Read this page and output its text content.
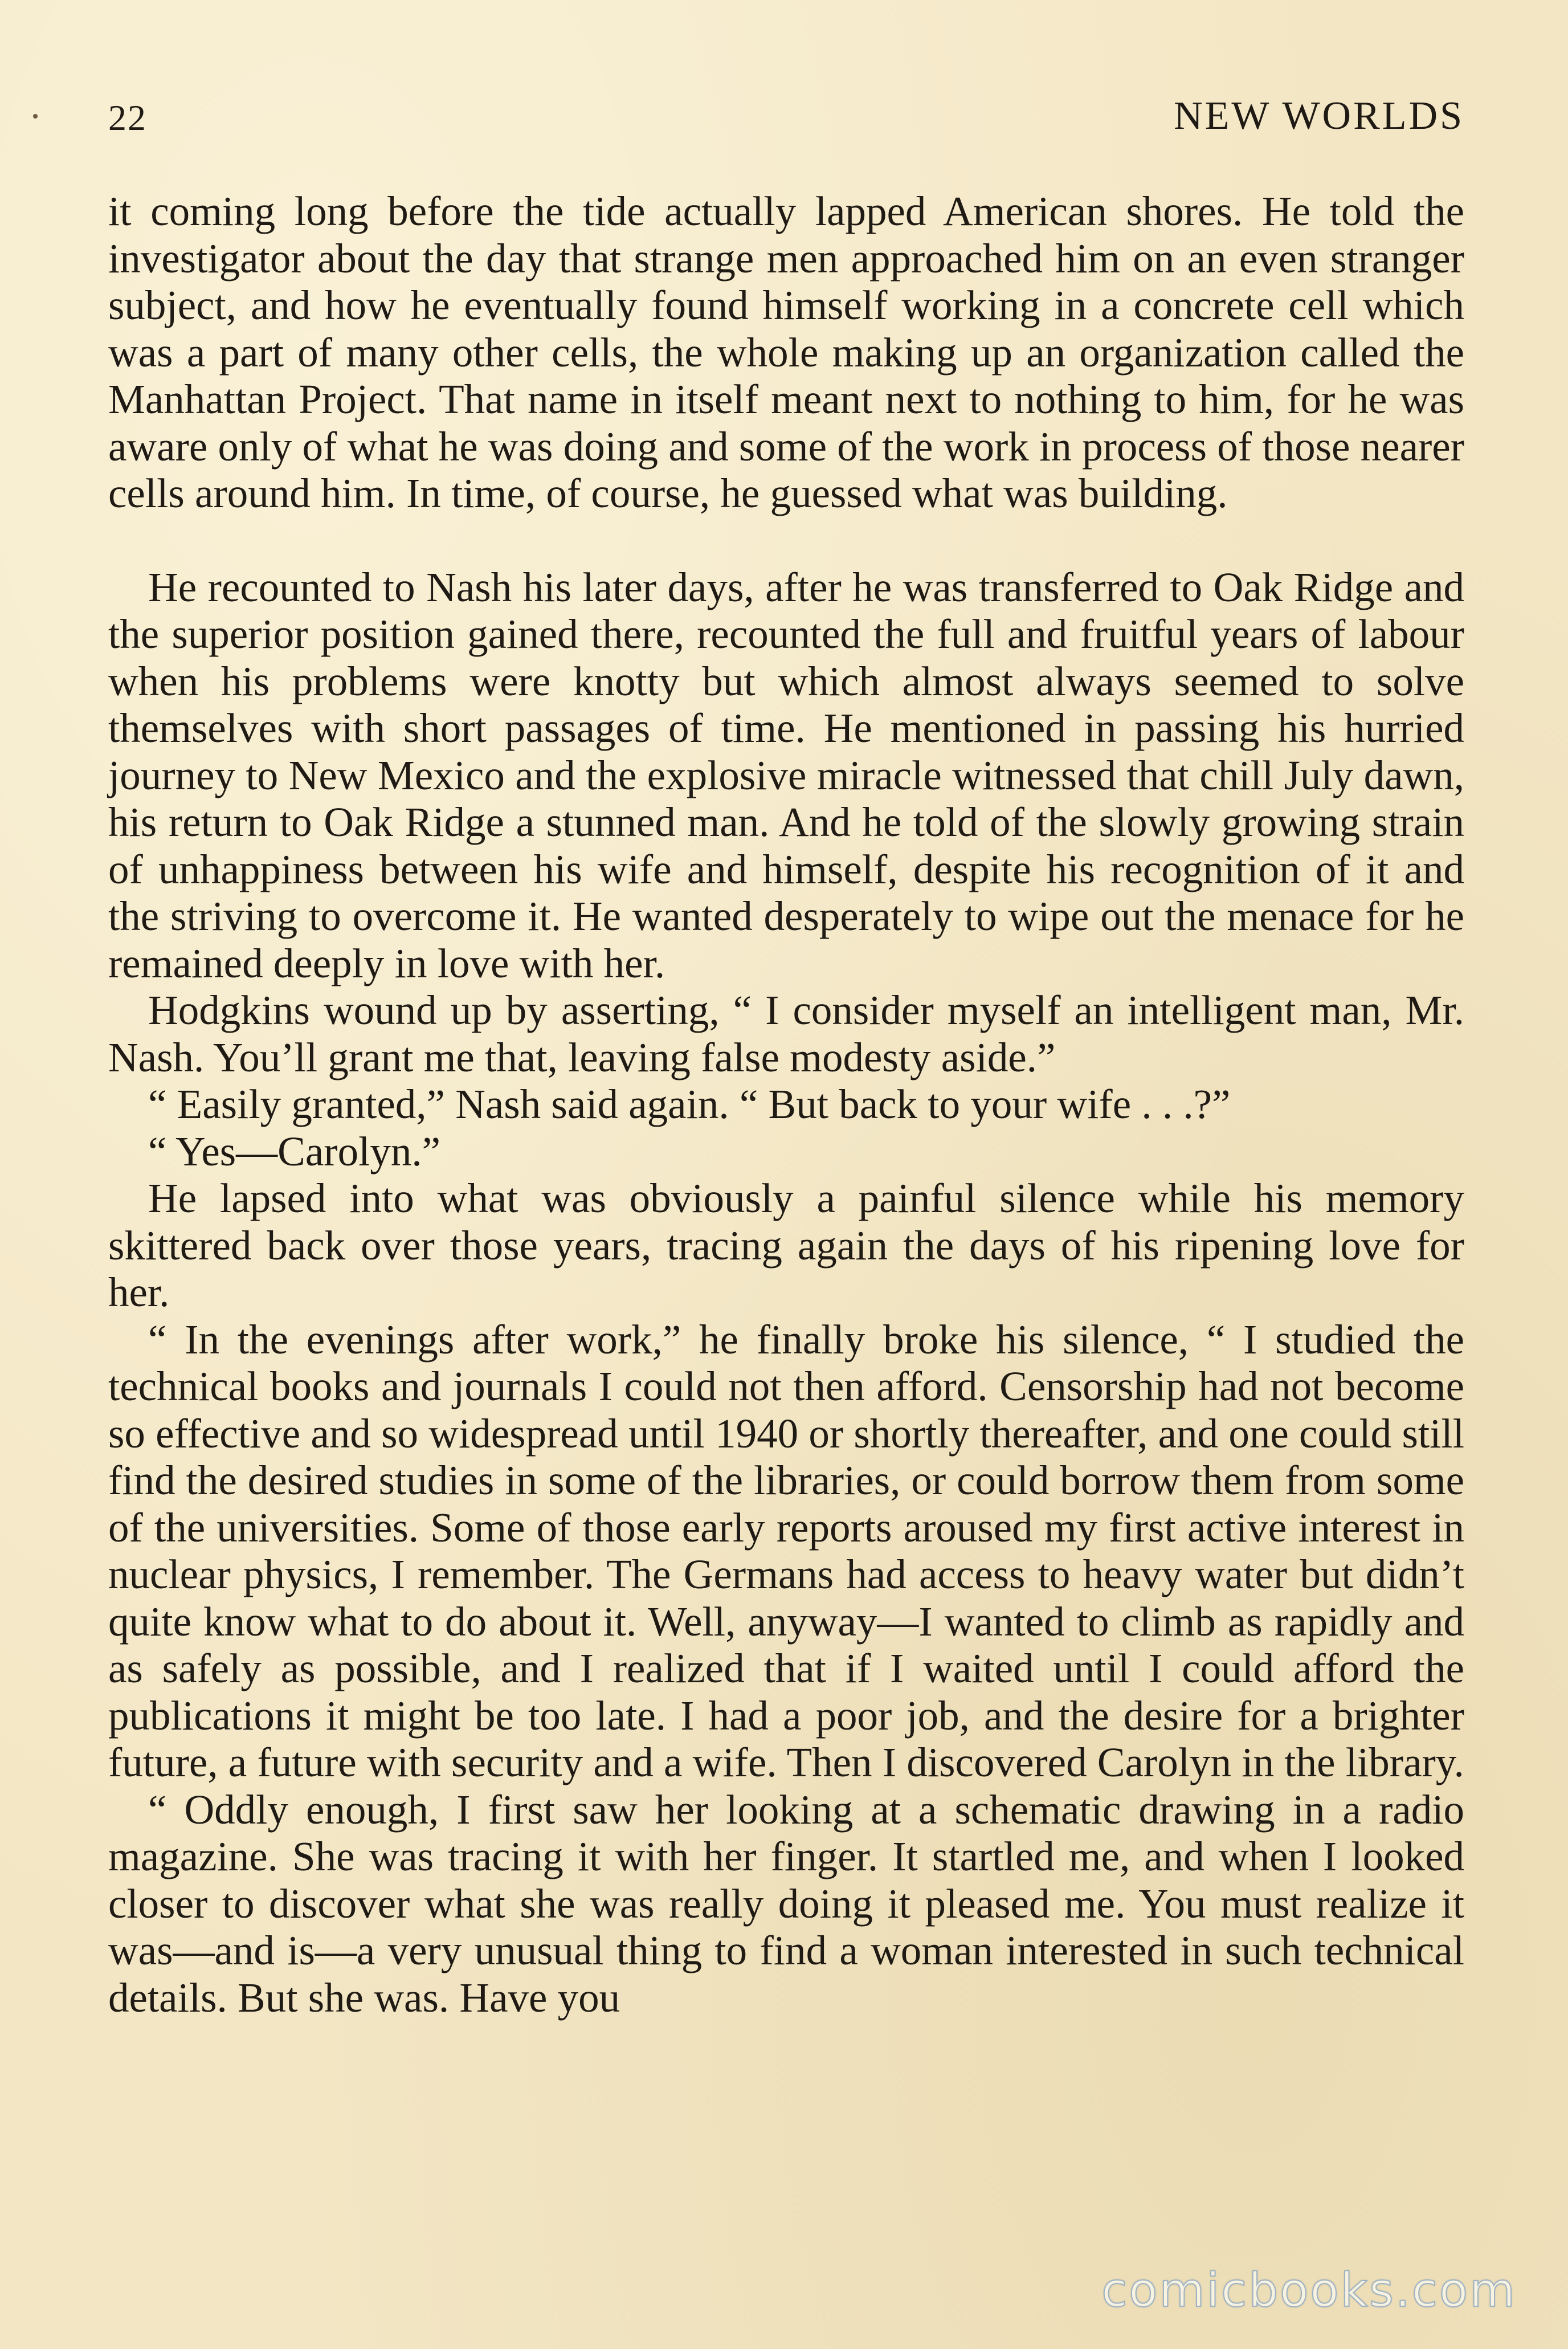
22	NEW WORLDS

it coming long before the tide actually lapped American shores. He told the investigator about the day that strange men approached him on an even stranger subject, and how he eventually found himself working in a concrete cell which was a part of many other cells, the whole making up an organization called the Manhattan Project. That name in itself meant next to nothing to him, for he was aware only of what he was doing and some of the work in process of those nearer cells around him. In time, of course, he guessed what was building.

He recounted to Nash his later days, after he was transferred to Oak Ridge and the superior position gained there, recounted the full and fruitful years of labour when his problems were knotty but which almost always seemed to solve themselves with short passages of time. He mentioned in passing his hurried journey to New Mexico and the explosive miracle witnessed that chill July dawn, his return to Oak Ridge a stunned man. And he told of the slowly growing strain of unhappiness between his wife and himself, despite his recognition of it and the striving to overcome it. He wanted desperately to wipe out the menace for he remained deeply in love with her.

Hodgkins wound up by asserting, “ I consider myself an intelligent man, Mr. Nash. You’ll grant me that, leaving false modesty aside.”

“ Easily granted,” Nash said again. “ But back to your wife . . .?”

“ Yes—Carolyn.”

He lapsed into what was obviously a painful silence while his memory skittered back over those years, tracing again the days of his ripening love for her.

“ In the evenings after work,” he finally broke his silence, “ I studied the technical books and journals I could not then afford. Censorship had not become so effective and so widespread until 1940 or shortly thereafter, and one could still find the desired studies in some of the libraries, or could borrow them from some of the universities. Some of those early reports aroused my first active interest in nuclear physics, I remember. The Germans had access to heavy water but didn’t quite know what to do about it. Well, anyway—I wanted to climb as rapidly and as safely as possible, and I realized that if I waited until I could afford the publications it might be too late. I had a poor job, and the desire for a brighter future, a future with security and a wife. Then I discovered Carolyn in the library.

“ Oddly enough, I first saw her looking at a schematic drawing in a radio magazine. She was tracing it with her finger. It startled me, and when I looked closer to discover what she was really doing it pleased me. You must realize it was—and is—a very unusual thing to find a woman interested in such technical details. But she was. Have you

comicbooks.com
